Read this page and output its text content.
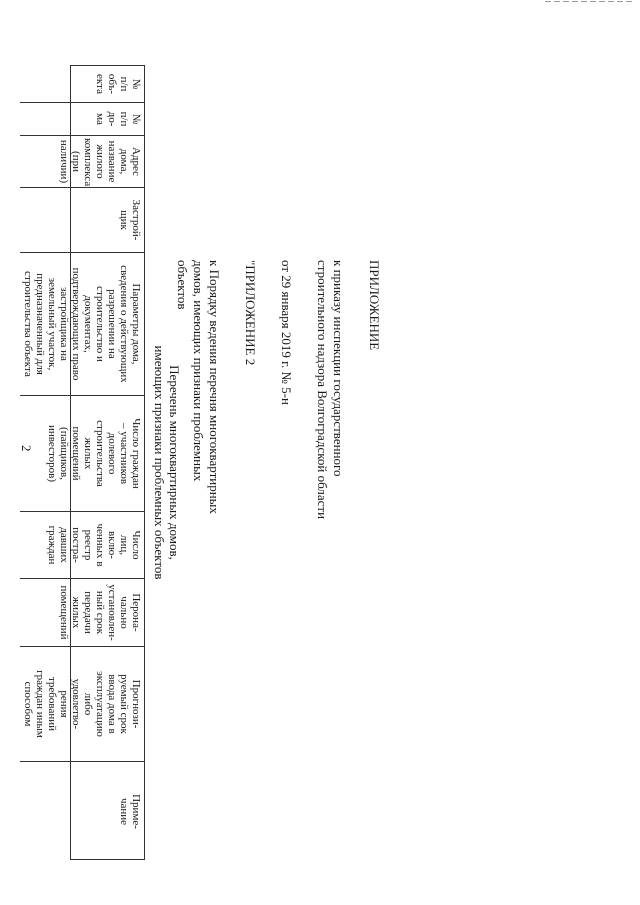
2

ПРИЛОЖЕНИЕ

к приказу инспекции государственного

строительного надзора Волгоградской области

от 29 января 2019 г. № 5-н

"ПРИЛОЖЕНИЕ 2

к Порядку ведения перечня многоквартирных

домов, имеющих признаки проблемных

объектов

Перечень многоквартирных домов,
имеющих признаки проблемных объектов
№
п/п
объ-
екта
№
п/п
до-
ма
Адрес
дома,
название
жилого
комплекса
(при
наличии)
Застрой-
щик
Параметры дома,
сведения о действующих
разрешении на
строительство и
документах,
подтверждающих право
застройщика на
земельный участок,
предназначенный для
строительства объекта
Число граждан
– участников
долевого
строительства
жилых
помещений
(пайщиков,
инвесторов)
Число
лиц,
вклю-
ченных в
реестр
постра-
давших
граждан
Перона-
чально
установлен-
ный срок
передачи
жилых
помещений
Прогнози-
руемый срок
ввода дома в
эксплуатацию
либо
удовлетво-
рения
требований
граждан иным
способом
Приме-
чание
